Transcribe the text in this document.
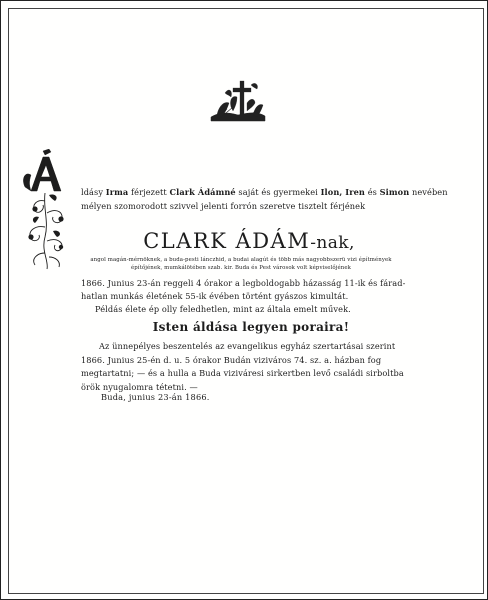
ldásy Irma férjezett Clark Ádámné saját és gyermekei Ilon, Iren és Simon nevében
mélyen szomorodott szivvel jelenti forrón szeretve tisztelt férjének
CLARK ÁDÁM-nak,
angol magán-mérnöknek, a buda-pesti lánczhid, a budai alagút és több más nagyobbszerü vizi építmények
építőjének, mumkálötében szab. kir. Buda és Pest városok volt képviselőjének
1866. Junius 23-án reggeli 4 órakor a legboldogabb házasság 11-ik és fárad-
hatlan munkás életének 55-ik évében történt gyászos kimultát.
Példás élete ép olly feledhetlen, mint az általa emelt művek.
Isten áldása legyen poraira!
Az ünnepélyes beszentelés az evangelikus egyház szertartásai szerint
1866. Junius 25-én d. u. 5 órakor Budán viziváros 74. sz. a. házban fog
megtartatni; — és a hulla a Buda viziváresi sirkertben levő családi sirboltba
örök nyugalomra tétetni. —
Buda, junius 23-án 1866.
